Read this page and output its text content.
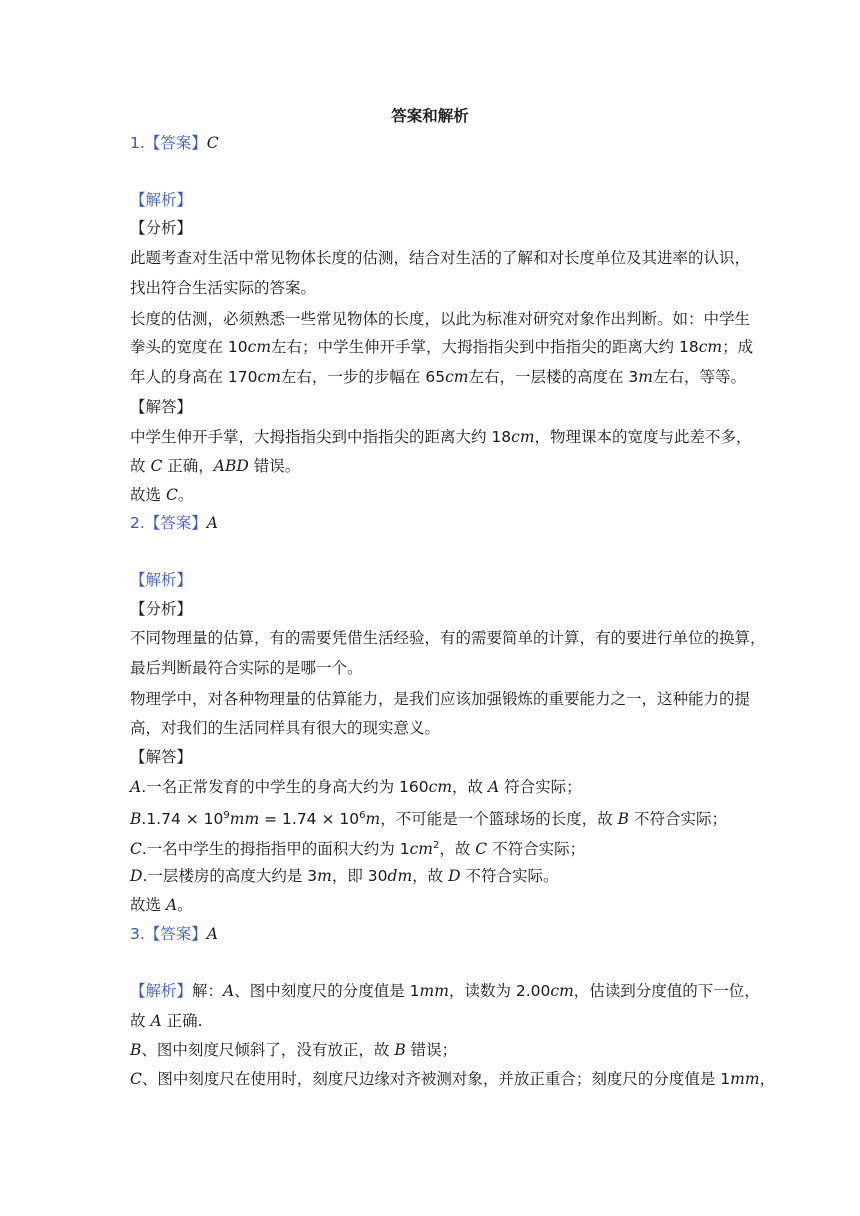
答案和解析
1.【答案】C
【解析】
【分析】
此题考查对生活中常见物体长度的估测，结合对生活的了解和对长度单位及其进率的认识，
找出符合生活实际的答案。
长度的估测，必须熟悉一些常见物体的长度，以此为标准对研究对象作出判断。如：中学生
拳头的宽度在 10cm左右；中学生伸开手掌，大拇指指尖到中指指尖的距离大约 18cm；成
年人的身高在 170cm左右，一步的步幅在 65cm左右，一层楼的高度在 3m左右，等等。
【解答】
中学生伸开手掌，大拇指指尖到中指指尖的距离大约 18cm，物理课本的宽度与此差不多，
故 C 正确，ABD 错误。
故选 C。
2.【答案】A
【解析】
【分析】
不同物理量的估算，有的需要凭借生活经验，有的需要简单的计算，有的要进行单位的换算，
最后判断最符合实际的是哪一个。
物理学中，对各种物理量的估算能力，是我们应该加强锻炼的重要能力之一，这种能力的提
高，对我们的生活同样具有很大的现实意义。
【解答】
A.一名正常发育的中学生的身高大约为 160cm，故 A 符合实际；
$B.1.74 \times 10^9mm = 1.74 \times 10^6m$，不可能是一个篮球场的长度，故 B 不符合实际；
C.一名中学生的拇指指甲的面积大约为 $1cm^2$，故 C 不符合实际；
D.一层楼房的高度大约是 3m，即 30dm，故 D 不符合实际。
故选 A。
3.【答案】A
【解析】解：A、图中刻度尺的分度值是 1mm，读数为 2.00cm，估读到分度值的下一位，
故 A 正确.
B、图中刻度尺倾斜了，没有放正，故 B 错误；
C、图中刻度尺在使用时，刻度尺边缘对齐被测对象，并放正重合；刻度尺的分度值是 1mm，
